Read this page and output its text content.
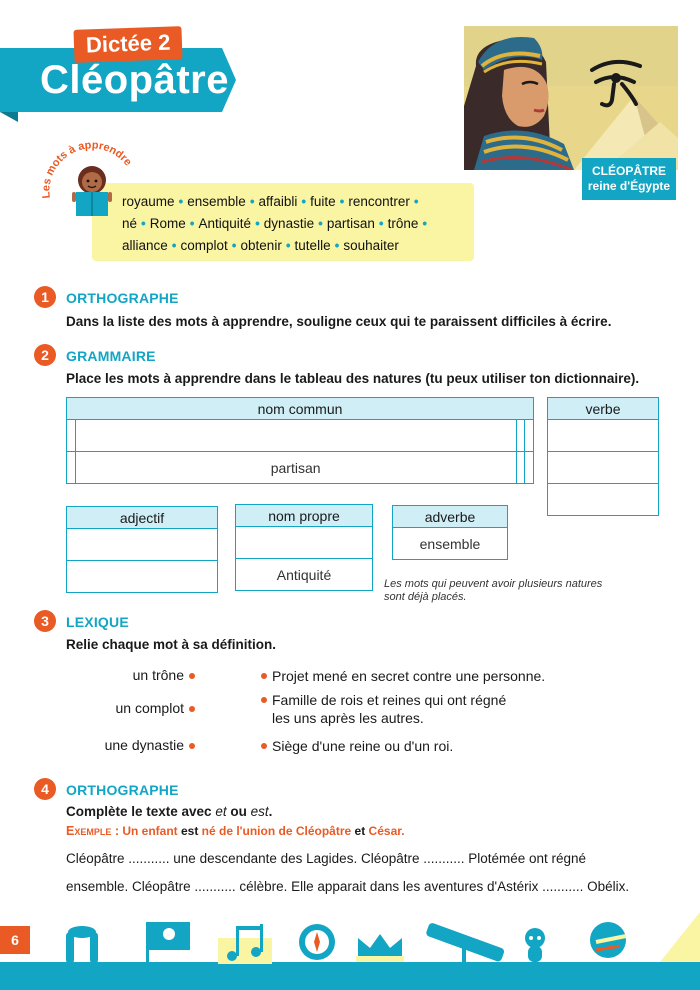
Dictée 2
Cléopâtre
CLÉOPÂTRE
reine d'Égypte
royaume • ensemble • affaibli • fuite • rencontrer •
né • Rome • Antiquité • dynastie • partisan • trône •
alliance • complot • obtenir • tutelle • souhaiter
Les mots à apprendre
1	ORTHOGRAPHE
Dans la liste des mots à apprendre, souligne ceux qui te paraissent difficiles à écrire.
2	GRAMMAIRE
Place les mots à apprendre dans le tableau des natures (tu peux utiliser ton dictionnaire).
nom commun			

	partisan		
verbe

adjectif	nom propre

Antiquité
adverbe
ensemble
Les mots qui peuvent avoir plusieurs natures
sont déjà placés.
3	LEXIQUE
Relie chaque mot à sa définition.
un trône
un complot
une dynastie
Projet mené en secret contre une personne.
Famille de rois et reines qui ont régné
les uns après les autres.
Siège d'une reine ou d'un roi.
4	ORTHOGRAPHE
Complète le texte avec et ou est.
Exemple : Un enfant est né de l'union de Cléopâtre et César.
Cléopâtre ........... une descendante des Lagides. Cléopâtre ........... Plotémée ont régné
ensemble. Cléopâtre ........... célèbre. Elle apparait dans les aventures d'Astérix ........... Obélix.
6
